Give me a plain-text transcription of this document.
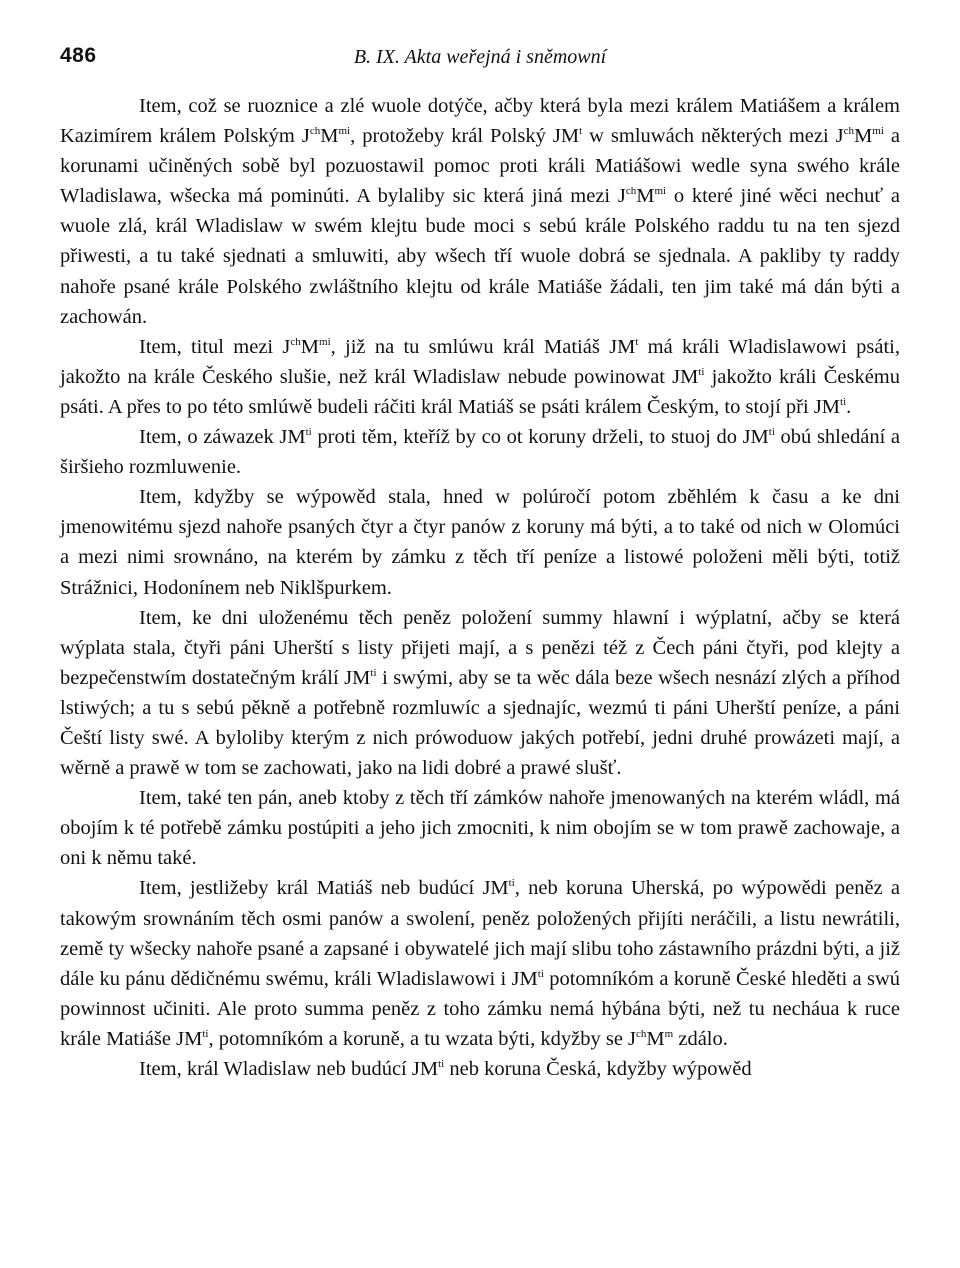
486	B. IX. Akta weřejná i sněmowní

Item, což se ruoznice a zlé wuole dotýče, ačby která byla mezi králem Matiášem a králem Kazimírem králem Polským $J^{ch}M^{mi}$, protožeby král Polský $JM^t$ w smluwách některých mezi $J^{ch}M^{mi}$ a korunami učiněných sobě byl pozuostawil pomoc proti králi Matiášowi wedle syna swého krále Wladislawa, wšecka má pominúti. A bylaliby sic která jiná mezi $J^{ch}M^{mi}$ o které jiné wěci nechuť a wuole zlá, král Wladislaw w swém klejtu bude moci s sebú krále Polského raddu tu na ten sjezd přiwesti, a tu také sjednati a smluwiti, aby wšech tří wuole dobrá se sjednala. A pakliby ty raddy nahoře psané krále Polského zwláštního klejtu od krále Matiáše žádali, ten jim také má dán býti a zachowán.

Item, titul mezi $J^{ch}M^{mi}$, již na tu smlúwu král Matiáš $JM^t$ má králi Wladislawowi psáti, jakožto na krále Českého slušie, než král Wladislaw nebude powinowat $JM^{ti}$ jakožto králi Českému psáti. A přes to po této smlúwě budeli ráčiti král Matiáš se psáti králem Českým, to stojí při $JM^{ti}$.

Item, o záwazek $JM^{ti}$ proti těm, kteříž by co ot koruny drželi, to stuoj do $JM^{ti}$ obú shledání a širšieho rozmluwenie.

Item, kdyžby se wýpowěd stala, hned w polúročí potom zběhlém k času a ke dni jmenowitému sjezd nahoře psaných čtyr a čtyr panów z koruny má býti, a to také od nich w Olomúci a mezi nimi srownáno, na kterém by zámku z těch tří peníze a listowé položeni měli býti, totiž Strážnici, Hodonínem neb Niklšpurkem.

Item, ke dni uloženému těch peněz položení summy hlawní i wýplatní, ačby se která wýplata stala, čtyři páni Uherští s listy přijeti mají, a s penězi též z Čech páni čtyři, pod klejty a bezpečenstwím dostatečným králí $JM^{ti}$ i swými, aby se ta wěc dála beze wšech nesnází zlých a příhod lstiwých; a tu s sebú pěkně a potřebně rozmluwíc a sjednajíc, wezmú ti páni Uherští peníze, a páni Čeští listy swé. A byloliby kterým z nich prówoduow jakých potřebí, jedni druhé prowázeti mají, a wěrně a prawě w tom se zachowati, jako na lidi dobré a prawé slušť.

Item, také ten pán, aneb ktoby z těch tří zámków nahoře jmenowaných na kterém wládl, má obojím k té potřebě zámku postúpiti a jeho jich zmocniti, k nim obojím se w tom prawě zachowaje, a oni k němu také.

Item, jestližeby král Matiáš neb budúcí $JM^{ti}$, neb koruna Uherská, po wýpowědi peněz a takowým srownáním těch osmi panów a swolení, peněz položených přijíti neráčili, a listu newrátili, země ty wšecky nahoře psané a zapsané i obywatelé jich mají slibu toho zástawního prázdni býti, a již dále ku pánu dědičnému swému, králi Wladislawowi i $JM^{ti}$ potomníkóm a koruně České hleděti a swú powinnost učiniti. Ale proto summa peněz z toho zámku nemá hýbána býti, než tu necháua k ruce krále Matiáše $JM^{ti}$, potomníkóm a koruně, a tu wzata býti, kdyžby se $J^{ch}M^m$ zdálo.

Item, král Wladislaw neb budúcí $JM^{ti}$ neb koruna Česká, kdyžby wýpowěd
